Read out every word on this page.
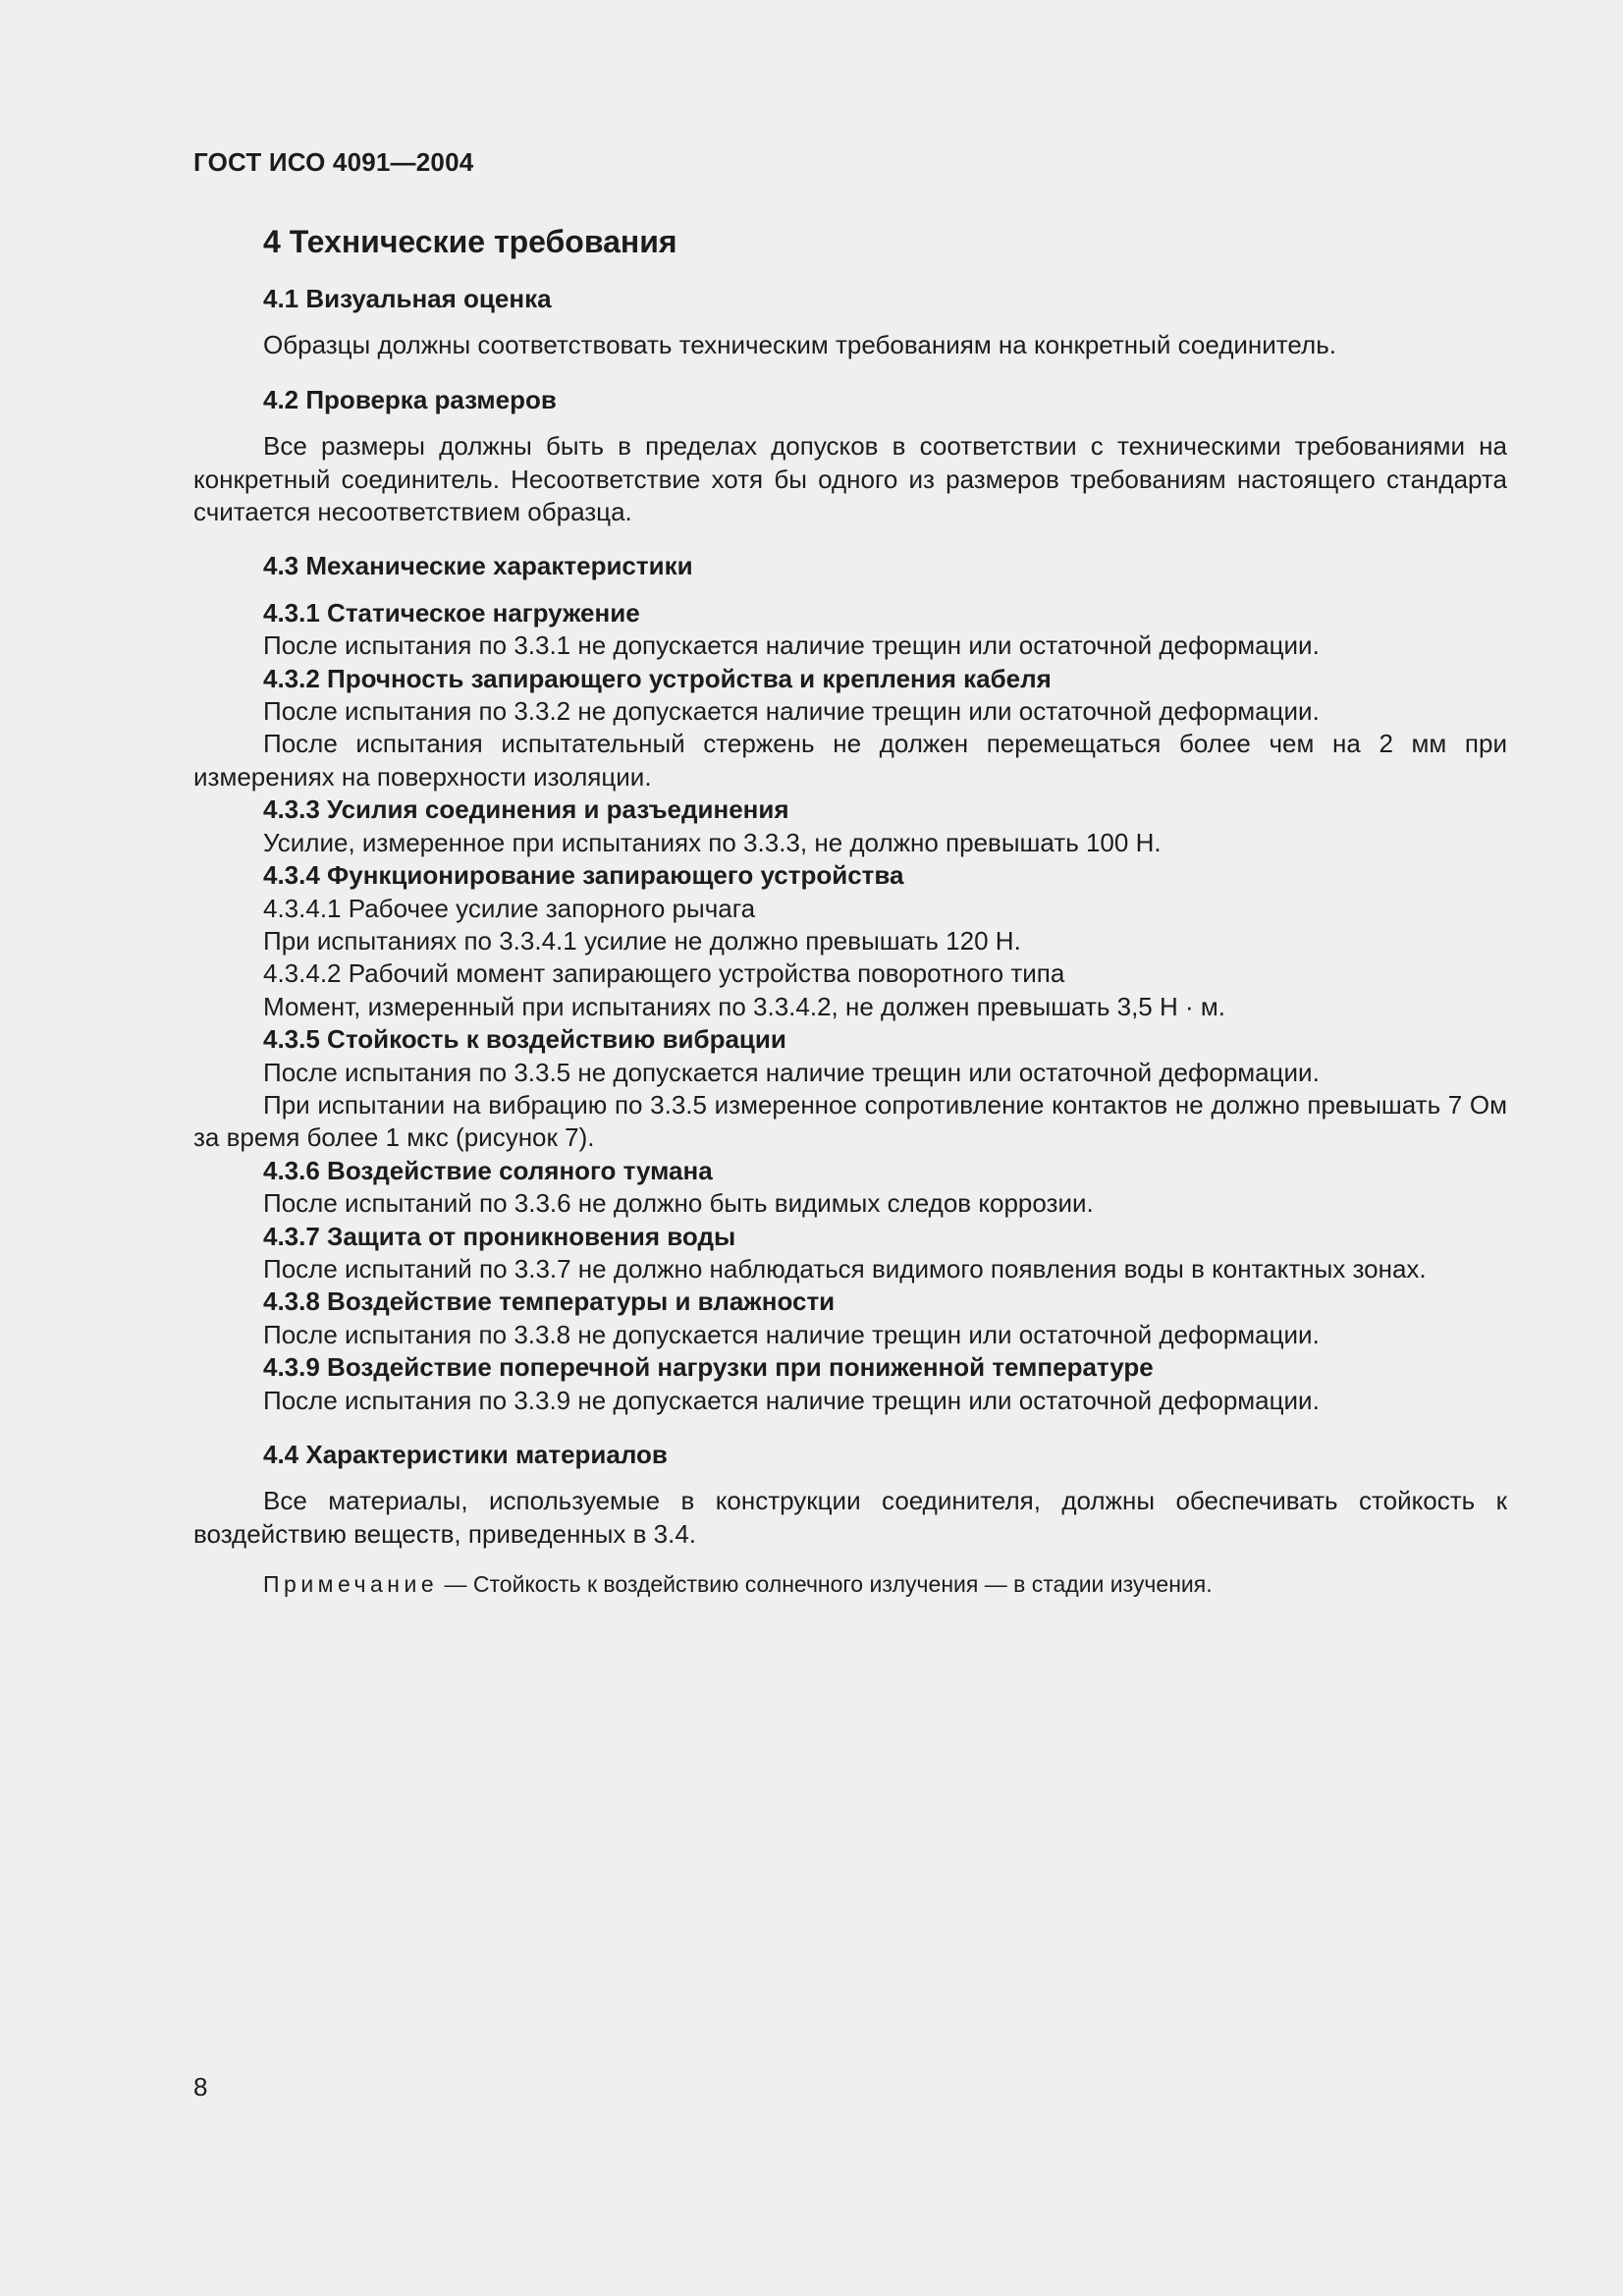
ГОСТ ИСО 4091—2004
4 Технические требования
4.1 Визуальная оценка
Образцы должны соответствовать техническим требованиям на конкретный соединитель.
4.2 Проверка размеров
Все размеры должны быть в пределах допусков в соответствии с техническими требованиями на конкретный соединитель. Несоответствие хотя бы одного из размеров требованиям настоящего стандарта считается несоответствием образца.
4.3 Механические характеристики
4.3.1 Статическое нагружение
После испытания по 3.3.1 не допускается наличие трещин или остаточной деформации.
4.3.2 Прочность запирающего устройства и крепления кабеля
После испытания по 3.3.2 не допускается наличие трещин или остаточной деформации.
После испытания испытательный стержень не должен перемещаться более чем на 2 мм при измерениях на поверхности изоляции.
4.3.3 Усилия соединения и разъединения
Усилие, измеренное при испытаниях по 3.3.3, не должно превышать 100 Н.
4.3.4 Функционирование запирающего устройства
4.3.4.1 Рабочее усилие запорного рычага
При испытаниях по 3.3.4.1 усилие не должно превышать 120 Н.
4.3.4.2 Рабочий момент запирающего устройства поворотного типа
Момент, измеренный при испытаниях по 3.3.4.2, не должен превышать 3,5 Н · м.
4.3.5 Стойкость к воздействию вибрации
После испытания по 3.3.5 не допускается наличие трещин или остаточной деформации.
При испытании на вибрацию по 3.3.5 измеренное сопротивление контактов не должно превышать 7 Ом за время более 1 мкс (рисунок 7).
4.3.6 Воздействие соляного тумана
После испытаний по 3.3.6 не должно быть видимых следов коррозии.
4.3.7 Защита от проникновения воды
После испытаний по 3.3.7 не должно наблюдаться видимого появления воды в контактных зонах.
4.3.8 Воздействие температуры и влажности
После испытания по 3.3.8 не допускается наличие трещин или остаточной деформации.
4.3.9 Воздействие поперечной нагрузки при пониженной температуре
После испытания по 3.3.9 не допускается наличие трещин или остаточной деформации.
4.4 Характеристики материалов
Все материалы, используемые в конструкции соединителя, должны обеспечивать стойкость к воздействию веществ, приведенных в 3.4.
Примечание — Стойкость к воздействию солнечного излучения — в стадии изучения.
8
